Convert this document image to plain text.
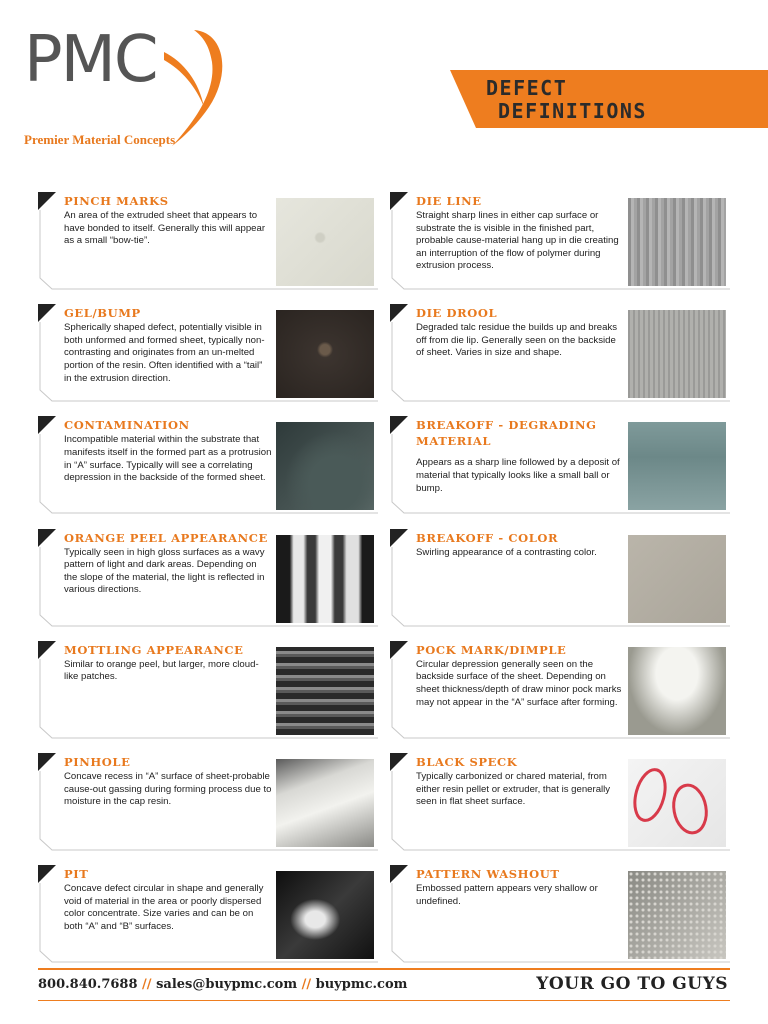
PMC
Premier Material Concepts
DEFECT
DEFINITIONS
PINCH MARKS
An area of the extruded sheet that appears to have bonded to itself. Generally this will appear as a small “bow-tie”.
DIE LINE
Straight sharp lines in either cap surface or substrate the is visible in the finished part, probable cause-material hang up in die creating an interruption of the flow of polymer during extrusion process.
GEL/BUMP
Spherically shaped defect, potentially visible in both unformed and formed sheet, typically non-contrasting and originates from an un-melted portion of the resin. Often identified with a “tail” in the extrusion direction.
DIE DROOL
Degraded talc residue the builds up and breaks off from die lip. Generally seen on the backside of sheet. Varies in size and shape.
CONTAMINATION
Incompatible material within the substrate that manifests itself in the formed part as a protrusion in “A” surface. Typically will see a correlating depression in the backside of the formed sheet.
BREAKOFF - DEGRADING MATERIAL
Appears as a sharp line followed by a deposit of material that typically looks like a small ball or bump.
ORANGE PEEL APPEARANCE
Typically seen in high gloss surfaces as a wavy pattern of light and dark areas. Depending on the slope of the material, the light is reflected in various directions.
BREAKOFF - COLOR
Swirling appearance of a contrasting color.
MOTTLING APPEARANCE
Similar to orange peel, but larger, more cloud-like patches.
POCK MARK/DIMPLE
Circular depression generally seen on the backside surface of the sheet. Depending on sheet thickness/depth of draw minor pock marks may not appear in the “A” surface after forming.
PINHOLE
Concave recess in “A” surface of sheet-probable cause-out gassing during forming process due to moisture in the cap resin.
BLACK SPECK
Typically carbonized or chared material, from either resin pellet or extruder, that is generally seen in flat sheet surface.
PIT
Concave defect circular in shape and generally void of material in the area or poorly dispersed color concentrate. Size varies and can be on both “A” and “B” surfaces.
PATTERN WASHOUT
Embossed pattern appears very shallow or undefined.
800.840.7688 // sales@buypmc.com // buypmc.com	YOUR GO TO GUYS
